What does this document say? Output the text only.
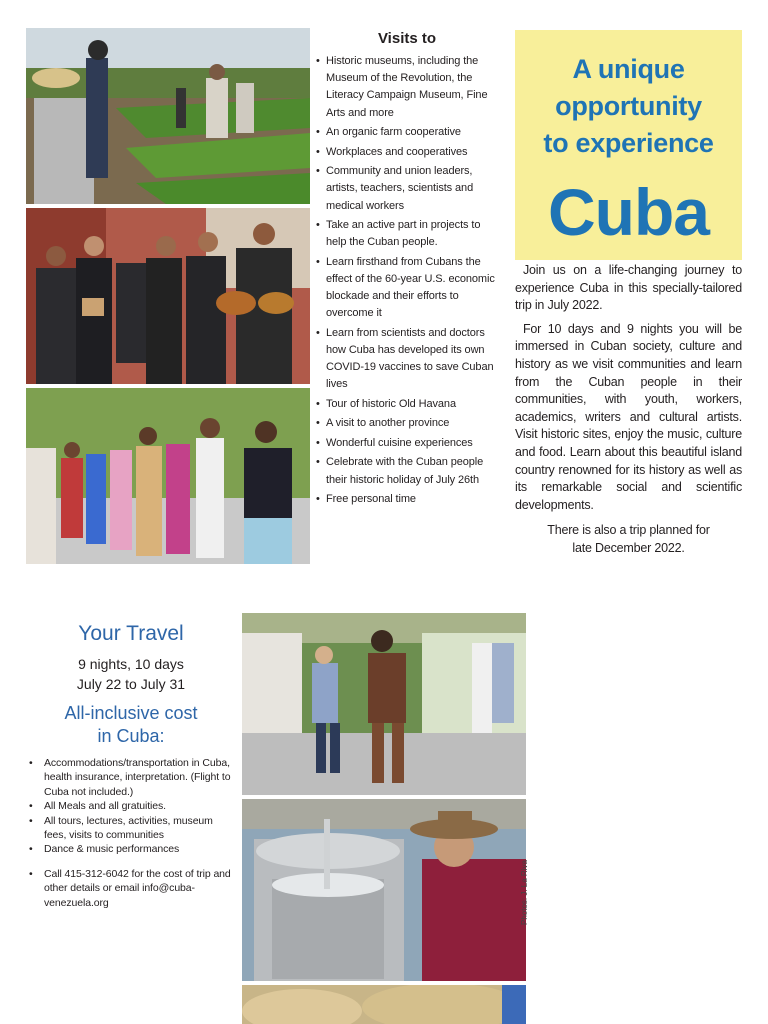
Visits to
• Historic museums, including the Museum of the Revolution, the Literacy Campaign Museum, Fine Arts and more
• An organic farm cooperative
• Workplaces and cooperatives
• Community and union leaders, artists, teachers, scientists and medical workers
• Take an active part in projects to help the Cuban people.
• Learn firsthand from Cubans the effect of the 60-year U.S. economic blockade and their efforts to overcome it
• Learn from scientists and doctors how Cuba has developed its own COVID-19 vaccines to save Cuban lives
• Tour of historic Old Havana
• A visit to another province
• Wonderful cuisine experiences
• Celebrate with the Cuban people their historic holiday of July 26th
• Free personal time
A unique
opportunity
to experience
Cuba

Join us on a life-changing journey to experience Cuba in this specially-tailored trip in July 2022.

For 10 days and 9 nights you will be immersed in Cuban society, culture and history as we visit communities and learn from the Cuban people in their communities, with youth, workers, academics, writers and cultural artists. Visit historic sites, enjoy the music, culture and food. Learn about this beautiful island country renowned for its history as well as its remarkable social and scientific developments.

There is also a trip planned for
late December 2022.

Your Travel
9 nights, 10 days
July 22 to July 31
All-inclusive cost
in Cuba:
• Accommodations/transportation in Cuba, health insurance, interpretation. (Flight to Cuba not included.)
• All Meals and all gratuities.
• All tours, lectures, activities, museum fees, visits to communities
• Dance & music performances
• Call 415-312-6042 for the cost of trip and other details or email info@cuba-venezuela.org	Photos: J. La Riva
